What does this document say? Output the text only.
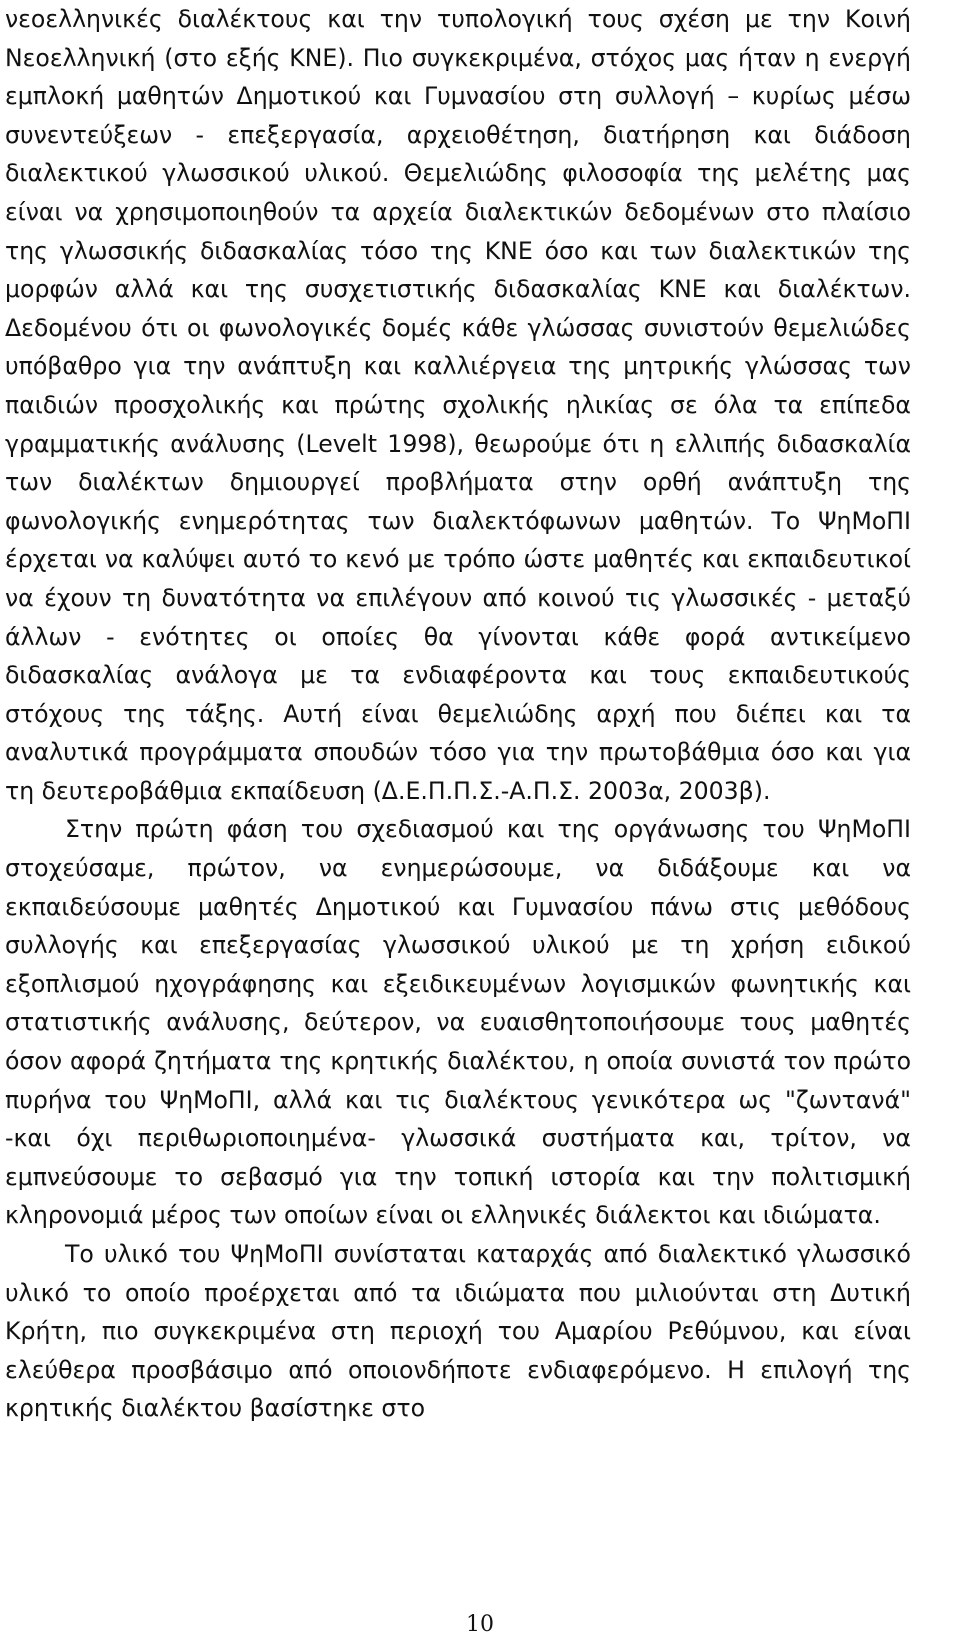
νεοελληνικές διαλέκτους και την τυπολογική τους σχέση με την Κοινή Νεοελληνική (στο εξής ΚΝΕ). Πιο συγκεκριμένα, στόχος μας ήταν η ενεργή εμπλοκή μαθητών Δημοτικού και Γυμνασίου στη συλλογή – κυρίως μέσω συνεντεύξεων - επεξεργασία, αρχειοθέτηση, διατήρηση και διάδοση διαλεκτικού γλωσσικού υλικού. Θεμελιώδης φιλοσοφία της μελέτης μας είναι να χρησιμοποιηθούν τα αρχεία διαλεκτικών δεδομένων στο πλαίσιο της γλωσσικής διδασκαλίας τόσο της ΚΝΕ όσο και των διαλεκτικών της μορφών αλλά και της συσχετιστικής διδασκαλίας ΚΝΕ και διαλέκτων. Δεδομένου ότι οι φωνολογικές δομές κάθε γλώσσας συνιστούν θεμελιώδες υπόβαθρο για την ανάπτυξη και καλλιέργεια της μητρικής γλώσσας των παιδιών προσχολικής και πρώτης σχολικής ηλικίας σε όλα τα επίπεδα γραμματικής ανάλυσης (Levelt 1998), θεωρούμε ότι η ελλιπής διδασκαλία των διαλέκτων δημιουργεί προβλήματα στην ορθή ανάπτυξη της φωνολογικής ενημερότητας των διαλεκτόφωνων μαθητών. Το ΨηΜοΠΙ έρχεται να καλύψει αυτό το κενό με τρόπο ώστε μαθητές και εκπαιδευτικοί να έχουν τη δυνατότητα να επιλέγουν από κοινού τις γλωσσικές - μεταξύ άλλων - ενότητες οι οποίες θα γίνονται κάθε φορά αντικείμενο διδασκαλίας ανάλογα με τα ενδιαφέροντα και τους εκπαιδευτικούς στόχους της τάξης. Αυτή είναι θεμελιώδης αρχή που διέπει και τα αναλυτικά προγράμματα σπουδών τόσο για την πρωτοβάθμια όσο και για τη δευτεροβάθμια εκπαίδευση (Δ.Ε.Π.Π.Σ.-Α.Π.Σ. 2003α, 2003β).

Στην πρώτη φάση του σχεδιασμού και της οργάνωσης του ΨηΜοΠΙ στοχεύσαμε, πρώτον, να ενημερώσουμε, να διδάξουμε και να εκπαιδεύσουμε μαθητές Δημοτικού και Γυμνασίου πάνω στις μεθόδους συλλογής και επεξεργασίας γλωσσικού υλικού με τη χρήση ειδικού εξοπλισμού ηχογράφησης και εξειδικευμένων λογισμικών φωνητικής και στατιστικής ανάλυσης, δεύτερον, να ευαισθητοποιήσουμε τους μαθητές όσον αφορά ζητήματα της κρητικής διαλέκτου, η οποία συνιστά τον πρώτο πυρήνα του ΨηΜοΠΙ, αλλά και τις διαλέκτους γενικότερα ως "ζωντανά" -και όχι περιθωριοποιημένα- γλωσσικά συστήματα και, τρίτον, να εμπνεύσουμε το σεβασμό για την τοπική ιστορία και την πολιτισμική κληρονομιά μέρος των οποίων είναι οι ελληνικές διάλεκτοι και ιδιώματα.

Το υλικό του ΨηΜοΠΙ συνίσταται καταρχάς από διαλεκτικό γλωσσικό υλικό το οποίο προέρχεται από τα ιδιώματα που μιλιούνται στη Δυτική Κρήτη, πιο συγκεκριμένα στη περιοχή του Αμαρίου Ρεθύμνου, και είναι ελεύθερα προσβάσιμο από οποιονδήποτε ενδιαφερόμενο. Η επιλογή της κρητικής διαλέκτου βασίστηκε στο

10
